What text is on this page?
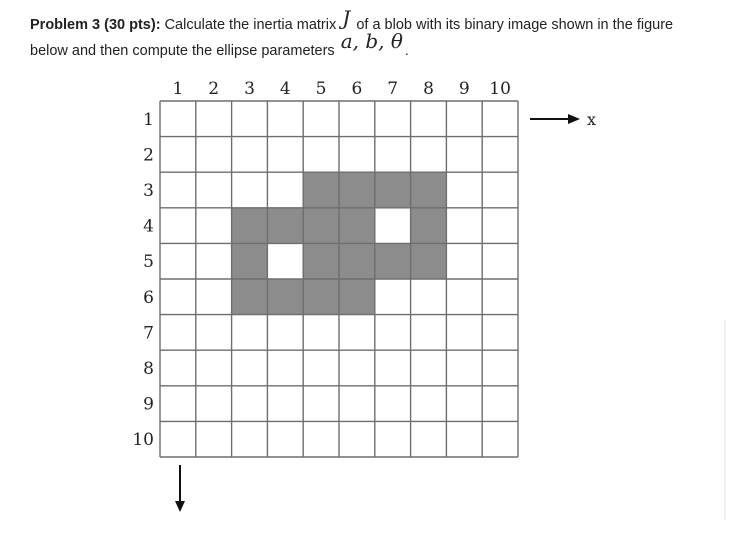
Problem 3 (30 pts): Calculate the inertia matrix J of a blob with its binary image shown in the figure
below and then compute the ellipse parameters a, b, θ .
1 2 3 4 5 6 7 8 9 10
1
2
3
4
5
6
7
8
9
10
x
